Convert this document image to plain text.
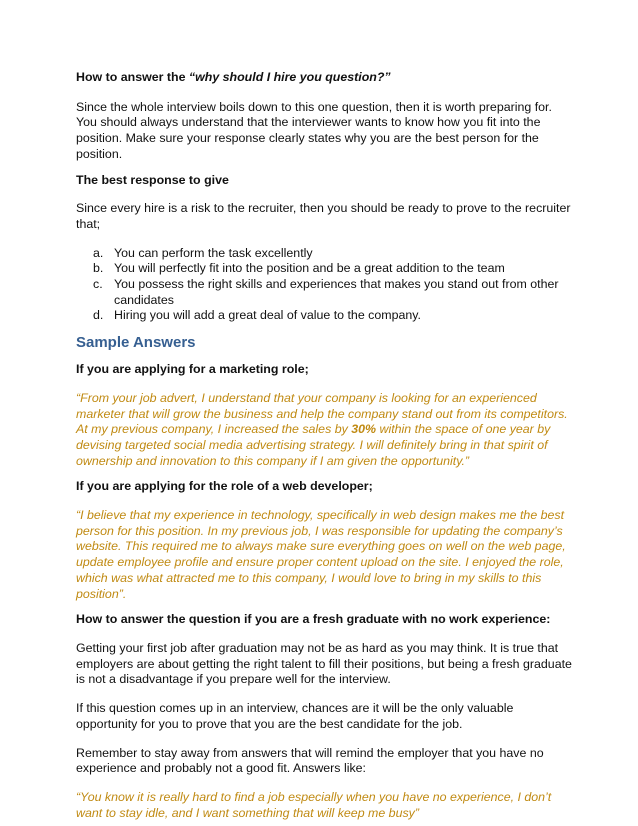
How to answer the “why should I hire you question?”

Since the whole interview boils down to this one question, then it is worth preparing for. You should always understand that the interviewer wants to know how you fit into the position. Make sure your response clearly states why you are the best person for the position.

The best response to give

Since every hire is a risk to the recruiter, then you should be ready to prove to the recruiter that;

a. You can perform the task excellently
b. You will perfectly fit into the position and be a great addition to the team
c. You possess the right skills and experiences that makes you stand out from other candidates
d. Hiring you will add a great deal of value to the company.

Sample Answers

If you are applying for a marketing role;

“From your job advert, I understand that your company is looking for an experienced marketer that will grow the business and help the company stand out from its competitors. At my previous company, I increased the sales by 30% within the space of one year by devising targeted social media advertising strategy. I will definitely bring in that spirit of ownership and innovation to this company if I am given the opportunity.”

If you are applying for the role of a web developer;

“I believe that my experience in technology, specifically in web design makes me the best person for this position. In my previous job, I was responsible for updating the company’s website. This required me to always make sure everything goes on well on the web page, update employee profile and ensure proper content upload on the site. I enjoyed the role, which was what attracted me to this company, I would love to bring in my skills to this position”.

How to answer the question if you are a fresh graduate with no work experience:

Getting your first job after graduation may not be as hard as you may think. It is true that employers are about getting the right talent to fill their positions, but being a fresh graduate is not a disadvantage if you prepare well for the interview.

If this question comes up in an interview, chances are it will be the only valuable opportunity for you to prove that you are the best candidate for the job.

Remember to stay away from answers that will remind the employer that you have no experience and probably not a good fit. Answers like:

“You know it is really hard to find a job especially when you have no experience, I don’t want to stay idle, and I want something that will keep me busy”
